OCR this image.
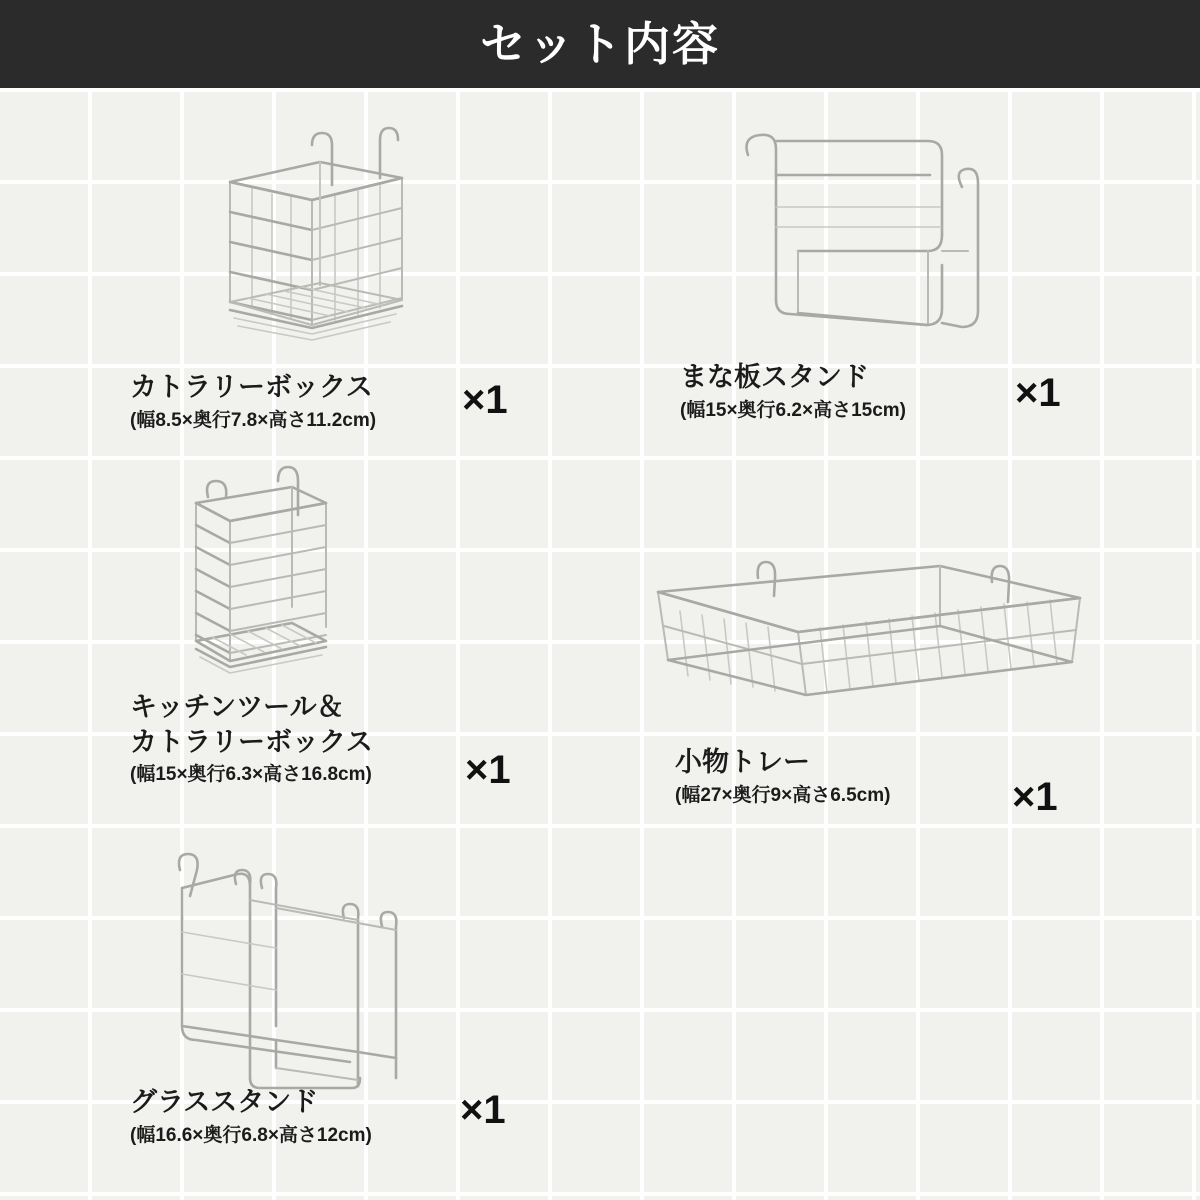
セット内容
カトラリーボックス
(幅8.5×奥行7.8×高さ11.2cm) ×1
まな板スタンド
(幅15×奥行6.2×高さ15cm)	×1
キッチンツール＆
カトラリーボックス
(幅15×奥行6.3×高さ16.8cm) ×1	小物トレー
(幅27×奥行9×高さ6.5cm)	×1
グラススタンド
(幅16.6×奥行6.8×高さ12cm)
×1
